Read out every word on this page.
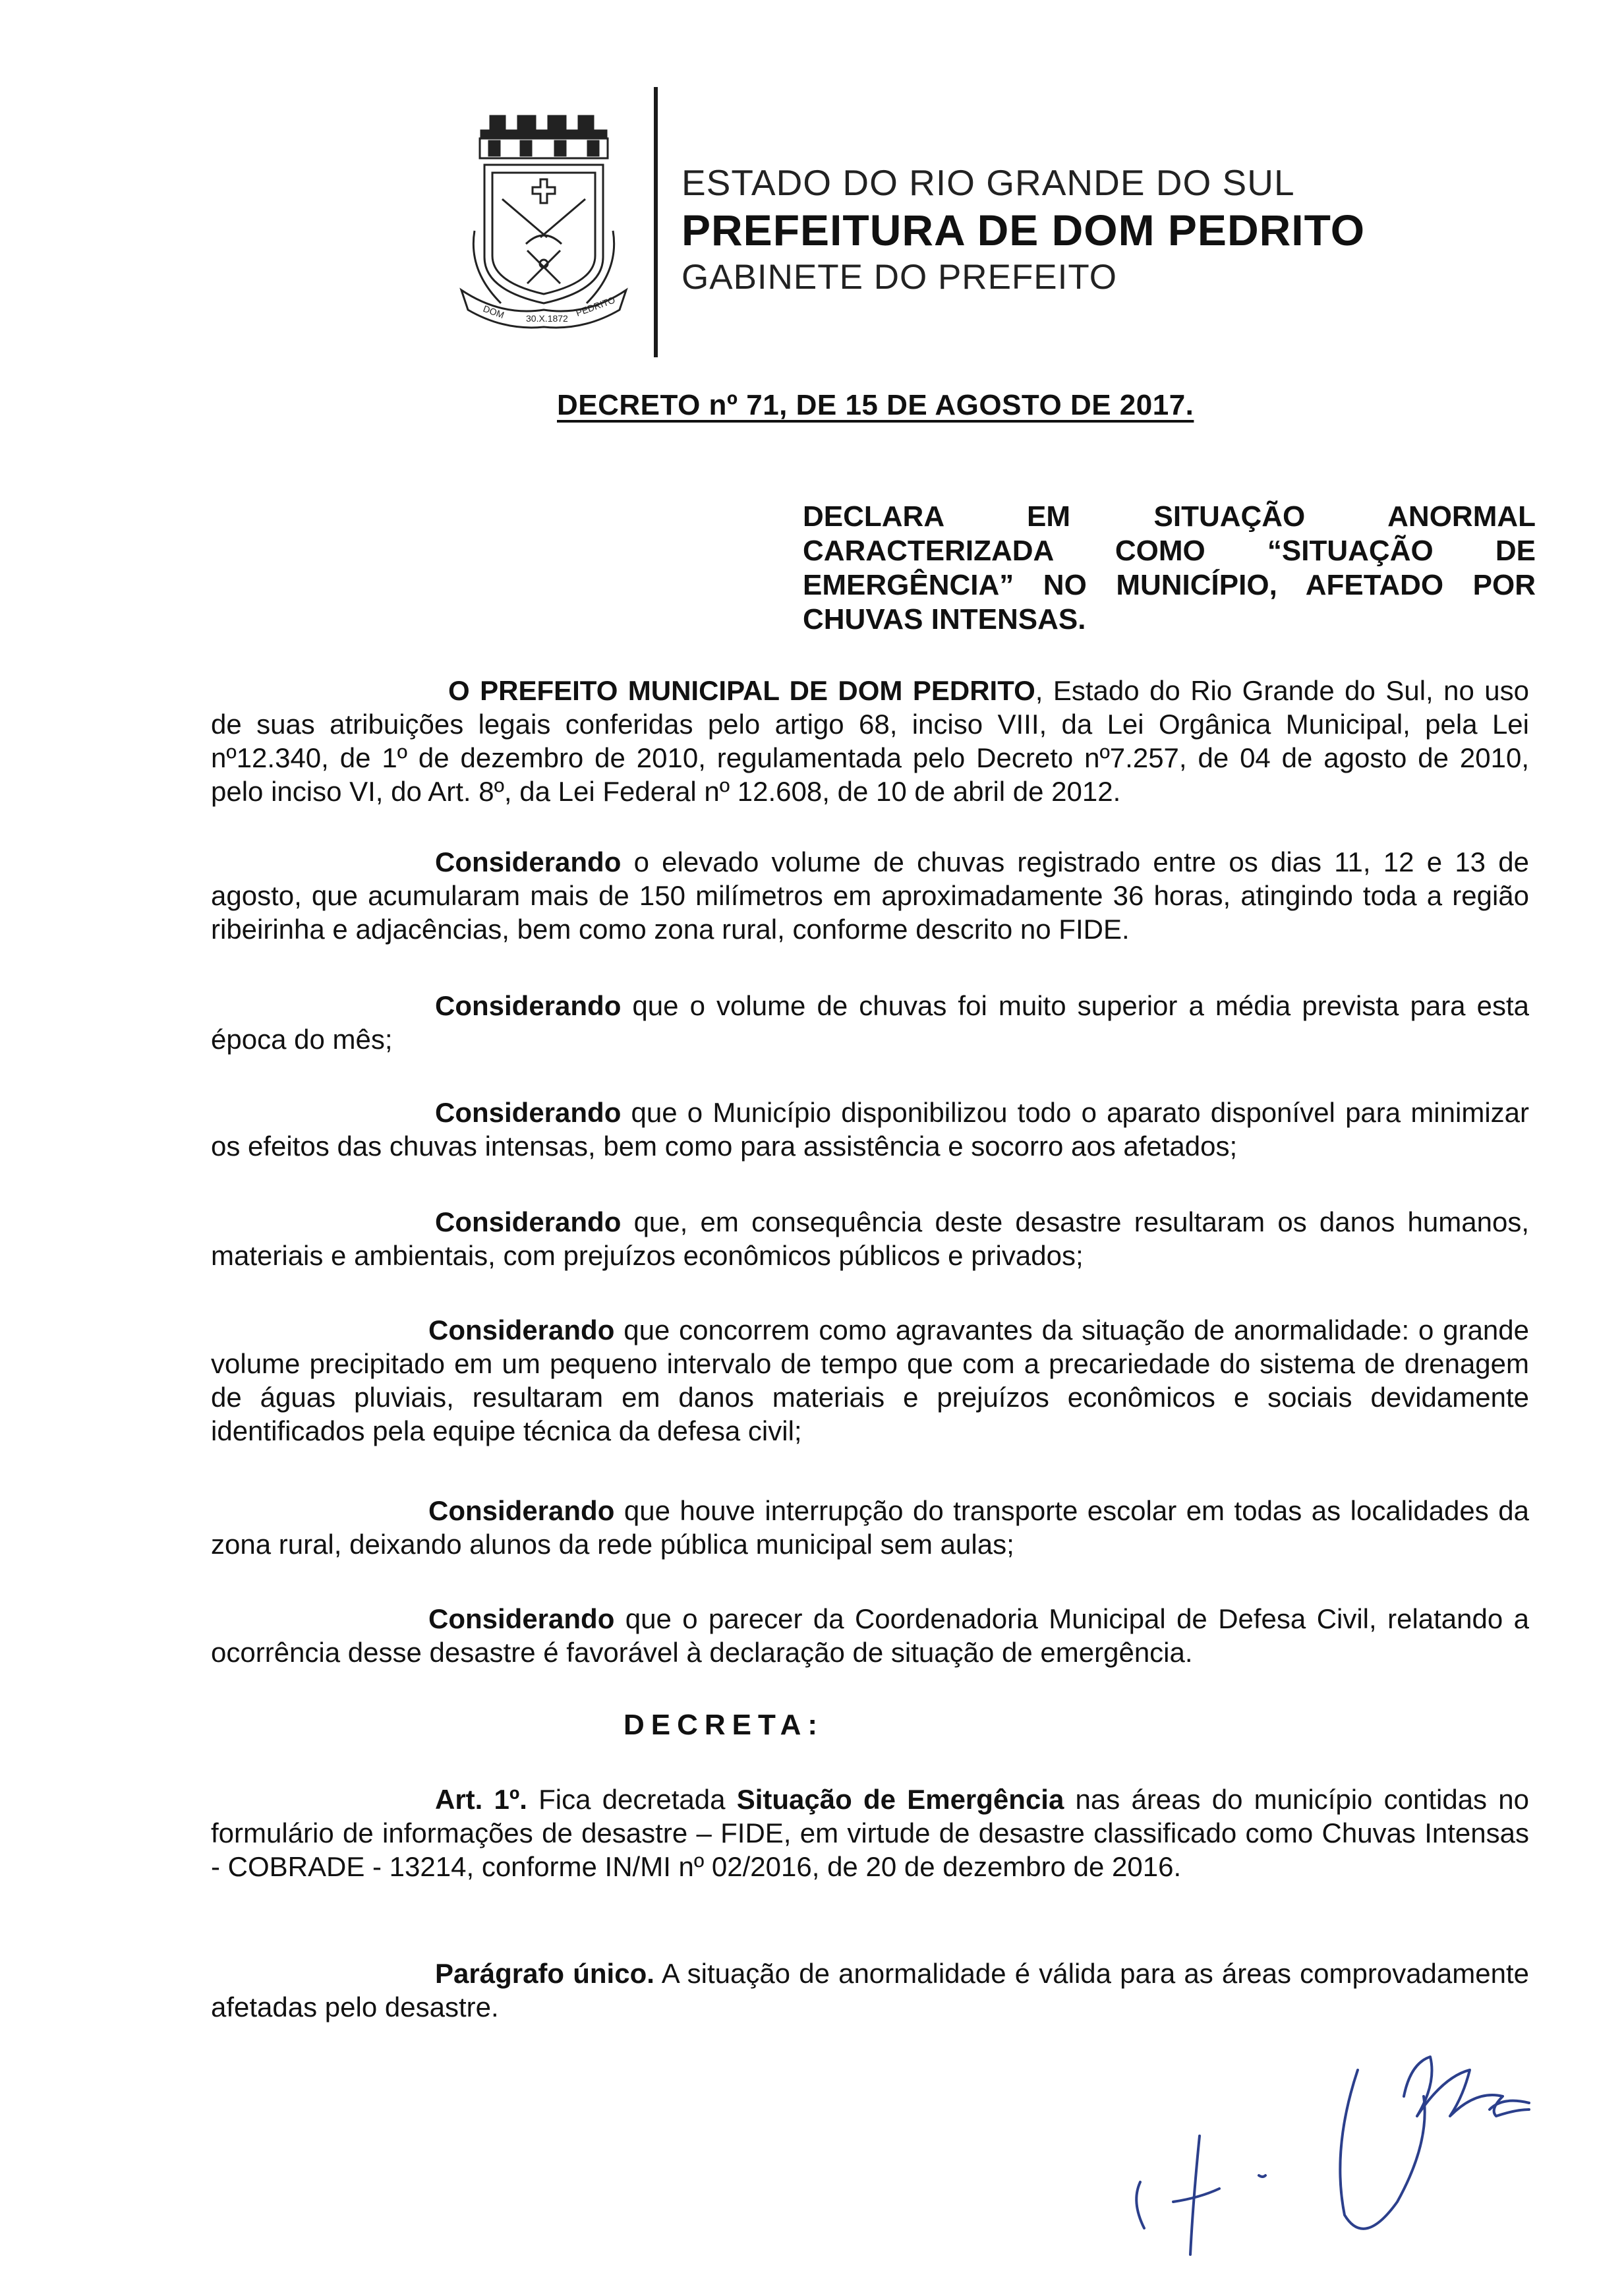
DOM 30.X.1872
PEDRITO
ESTADO DO RIO GRANDE DO SUL
PREFEITURA DE DOM PEDRITO
GABINETE DO PREFEITO
DECRETO nº 71, DE 15 DE AGOSTO DE 2017.
DECLARA EM SITUAÇÃO ANORMAL CARACTERIZADA COMO “SITUAÇÃO DE EMERGÊNCIA” NO MUNICÍPIO, AFETADO POR CHUVAS INTENSAS.
O PREFEITO MUNICIPAL DE DOM PEDRITO, Estado do Rio Grande do Sul, no uso de suas atribuições legais conferidas pelo artigo 68, inciso VIII, da Lei Orgânica Municipal, pela Lei nº12.340, de 1º de dezembro de 2010, regulamentada pelo Decreto nº7.257, de 04 de agosto de 2010, pelo inciso VI, do Art. 8º, da Lei Federal nº 12.608, de 10 de abril de 2012.
Considerando o elevado volume de chuvas registrado entre os dias 11, 12 e 13 de agosto, que acumularam mais de 150 milímetros em aproximadamente 36 horas, atingindo toda a região ribeirinha e adjacências, bem como zona rural, conforme descrito no FIDE.
Considerando que o volume de chuvas foi muito superior a média prevista para esta época do mês;
Considerando que o Município disponibilizou todo o aparato disponível para minimizar os efeitos das chuvas intensas, bem como para assistência e socorro aos afetados;
Considerando que, em consequência deste desastre resultaram os danos humanos, materiais e ambientais, com prejuízos econômicos públicos e privados;
Considerando que concorrem como agravantes da situação de anormalidade: o grande volume precipitado em um pequeno intervalo de tempo que com a precariedade do sistema de drenagem de águas pluviais, resultaram em danos materiais e prejuízos econômicos e sociais devidamente identificados pela equipe técnica da defesa civil;
Considerando que houve interrupção do transporte escolar em todas as localidades da zona rural, deixando alunos da rede pública municipal sem aulas;
Considerando que o parecer da Coordenadoria Municipal de Defesa Civil, relatando a ocorrência desse desastre é favorável à declaração de situação de emergência.
DECRETA:
Art. 1º. Fica decretada Situação de Emergência nas áreas do município contidas no formulário de informações de desastre – FIDE, em virtude de desastre classificado como Chuvas Intensas - COBRADE - 13214, conforme IN/MI nº 02/2016, de 20 de dezembro de 2016.
Parágrafo único. A situação de anormalidade é válida para as áreas comprovadamente afetadas pelo desastre.
